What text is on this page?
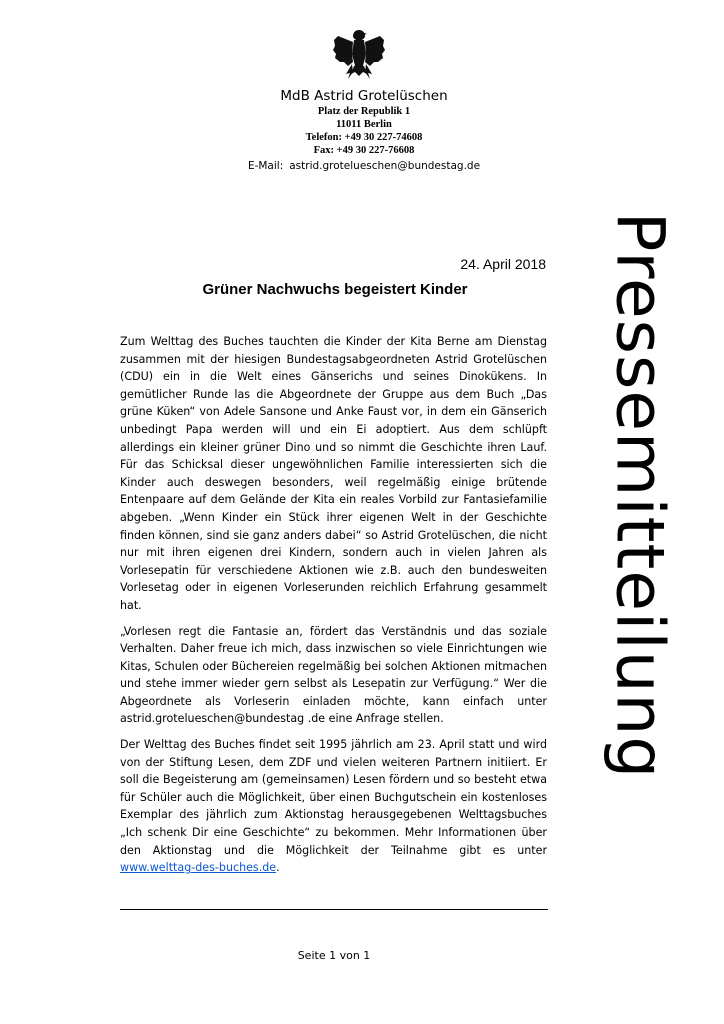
MdB Astrid Grotelüschen
Platz der Republik 1
11011 Berlin
Telefon: +49 30 227-74608
Fax: +49 30 227-76608
E-Mail: astrid.grotelueschen@bundestag.de
24. April 2018
Grüner Nachwuchs begeistert Kinder

Zum Welttag des Buches tauchten die Kinder der Kita Berne am Dienstag zusammen mit der hiesigen Bundestagsabgeordneten Astrid Grotelüschen (CDU) ein in die Welt eines Gänserichs und seines Dinokükens. In gemütlicher Runde las die Abgeordnete der Gruppe aus dem Buch „Das grüne Küken“ von Adele Sansone und Anke Faust vor, in dem ein Gänserich unbedingt Papa werden will und ein Ei adoptiert. Aus dem schlüpft allerdings ein kleiner grüner Dino und so nimmt die Geschichte ihren Lauf. Für das Schicksal dieser ungewöhnlichen Familie interessierten sich die Kinder auch deswegen besonders, weil regelmäßig einige brütende Entenpaare auf dem Gelände der Kita ein reales Vorbild zur Fantasiefamilie abgeben. „Wenn Kinder ein Stück ihrer eigenen Welt in der Geschichte finden können, sind sie ganz anders dabei“ so Astrid Grotelüschen, die nicht nur mit ihren eigenen drei Kindern, sondern auch in vielen Jahren als Vorlesepatin für verschiedene Aktionen wie z.B. auch den bundesweiten Vorlesetag oder in eigenen Vorleserunden reichlich Erfahrung gesammelt hat.

„Vorlesen regt die Fantasie an, fördert das Verständnis und das soziale Verhalten. Daher freue ich mich, dass inzwischen so viele Einrichtungen wie Kitas, Schulen oder Büchereien regelmäßig bei solchen Aktionen mitmachen und stehe immer wieder gern selbst als Lesepatin zur Verfügung.“ Wer die Abgeordnete als Vorleserin einladen möchte, kann einfach unter astrid.grotelueschen@bundestag .de eine Anfrage stellen.

Der Welttag des Buches findet seit 1995 jährlich am 23. April statt und wird von der Stiftung Lesen, dem ZDF und vielen weiteren Partnern initiiert. Er soll die Begeisterung am (gemeinsamen) Lesen fördern und so besteht etwa für Schüler auch die Möglichkeit, über einen Buchgutschein ein kostenloses Exemplar des jährlich zum Aktionstag herausgegebenen Welttagsbuches „Ich schenk Dir eine Geschichte“ zu bekommen. Mehr Informationen über den Aktionstag und die Möglichkeit der Teilnahme gibt es unter www.welttag-des-buches.de.

Pressemitteilung
Seite 1 von 1
